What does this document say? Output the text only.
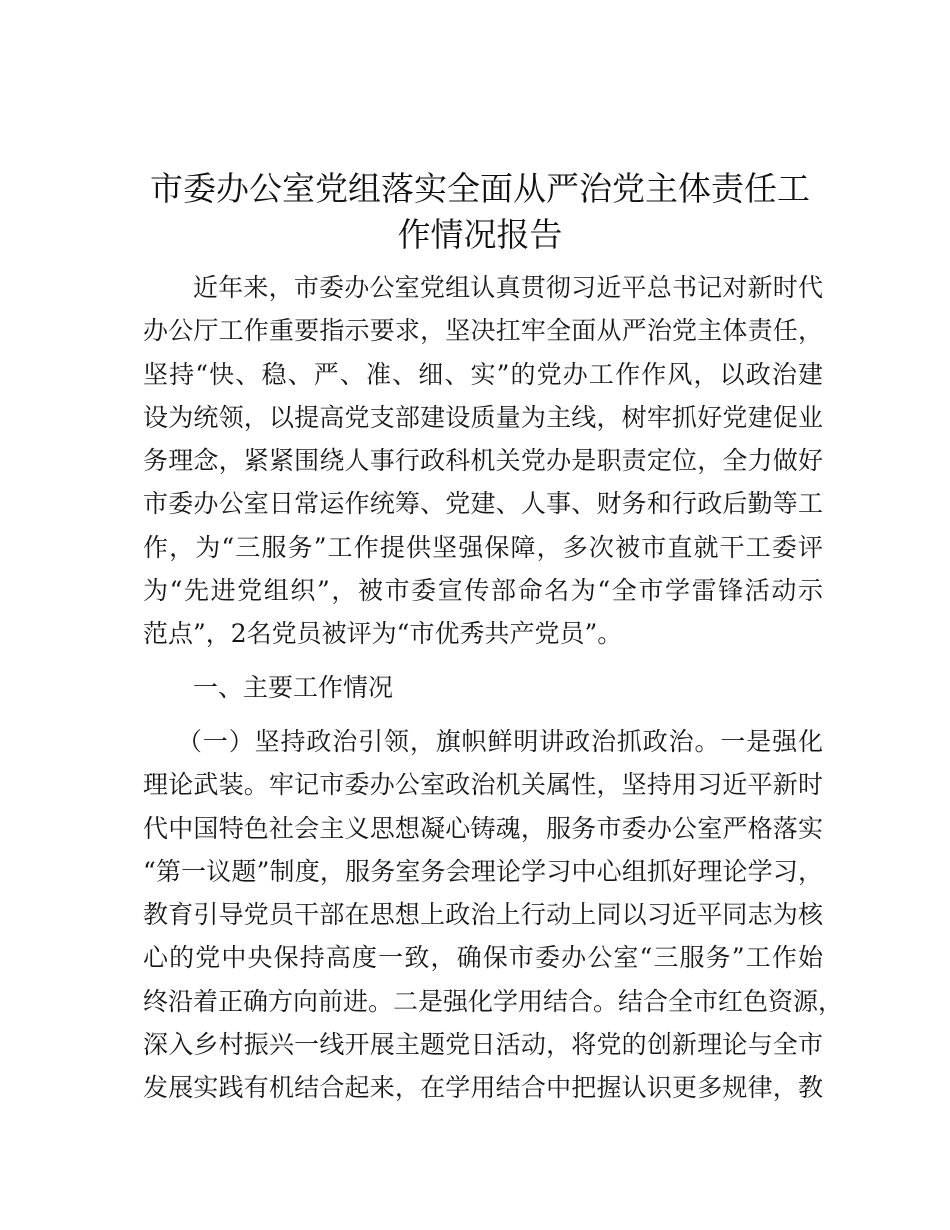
市委办公室党组落实全面从严治党主体责任工
作情况报告
近年来，市委办公室党组认真贯彻习近平总书记对新时代
办公厅工作重要指示要求，坚决扛牢全面从严治党主体责任，
坚持“快、稳、严、准、细、实”的党办工作作风，以政治建
设为统领，以提高党支部建设质量为主线，树牢抓好党建促业
务理念，紧紧围绕人事行政科机关党办是职责定位，全力做好
市委办公室日常运作统筹、党建、人事、财务和行政后勤等工
作，为“三服务”工作提供坚强保障，多次被市直就干工委评
为“先进党组织”，被市委宣传部命名为“全市学雷锋活动示
范点”，2名党员被评为“市优秀共产党员”。
一、主要工作情况
（一）坚持政治引领，旗帜鲜明讲政治抓政治。一是强化
理论武装。牢记市委办公室政治机关属性，坚持用习近平新时
代中国特色社会主义思想凝心铸魂，服务市委办公室严格落实
“第一议题”制度，服务室务会理论学习中心组抓好理论学习，
教育引导党员干部在思想上政治上行动上同以习近平同志为核
心的党中央保持高度一致，确保市委办公室“三服务”工作始
终沿着正确方向前进。二是强化学用结合。结合全市红色资源，
深入乡村振兴一线开展主题党日活动，将党的创新理论与全市
发展实践有机结合起来，在学用结合中把握认识更多规律，教
